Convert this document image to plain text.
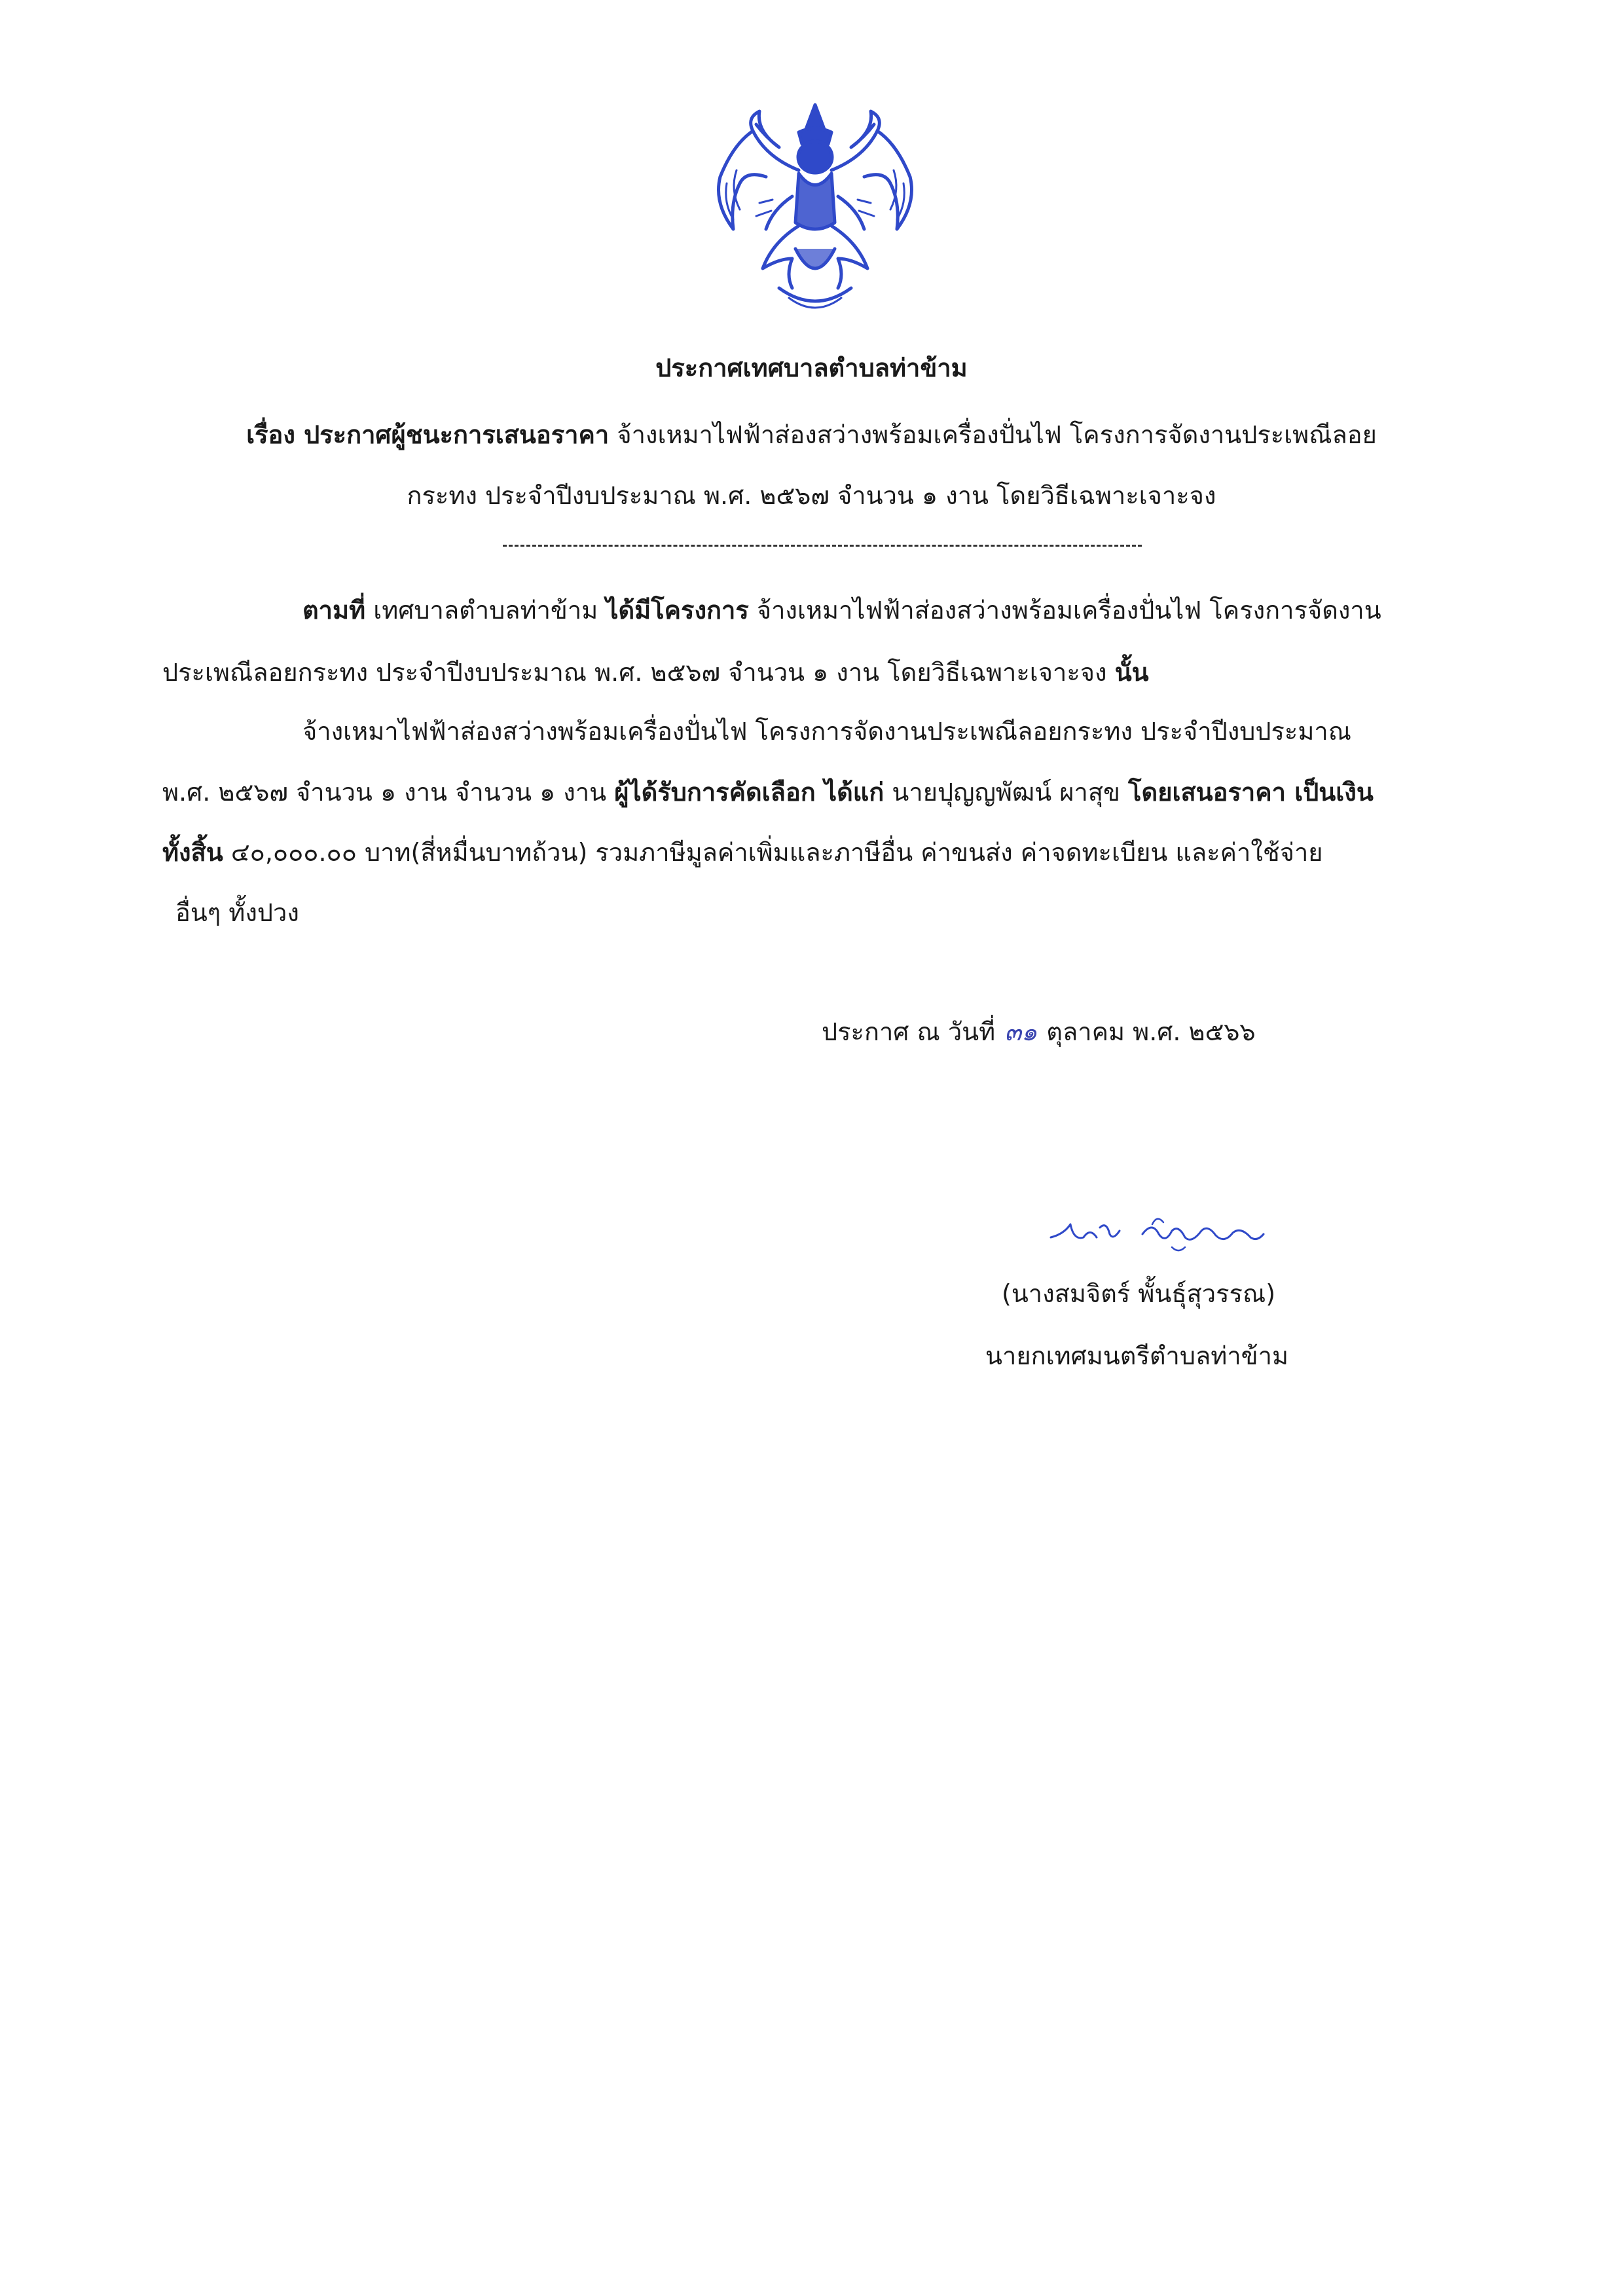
ประกาศเทศบาลตำบลท่าข้าม
เรื่อง ประกาศผู้ชนะการเสนอราคา จ้างเหมาไฟฟ้าส่องสว่างพร้อมเครื่องปั่นไฟ โครงการจัดงานประเพณีลอย
กระทง ประจำปีงบประมาณ พ.ศ. ๒๕๖๗ จำนวน ๑ งาน โดยวิธีเฉพาะเจาะจง
ตามที่ เทศบาลตำบลท่าข้าม ได้มีโครงการ จ้างเหมาไฟฟ้าส่องสว่างพร้อมเครื่องปั่นไฟ โครงการจัดงาน
ประเพณีลอยกระทง ประจำปีงบประมาณ พ.ศ. ๒๕๖๗ จำนวน ๑ งาน โดยวิธีเฉพาะเจาะจง นั้น
จ้างเหมาไฟฟ้าส่องสว่างพร้อมเครื่องปั่นไฟ โครงการจัดงานประเพณีลอยกระทง ประจำปีงบประมาณ
พ.ศ. ๒๕๖๗ จำนวน ๑ งาน จำนวน ๑ งาน ผู้ได้รับการคัดเลือก ได้แก่ นายปุญญพัฒน์ ผาสุข โดยเสนอราคา เป็นเงิน
ทั้งสิ้น ๔๐,๐๐๐.๐๐ บาท(สี่หมื่นบาทถ้วน) รวมภาษีมูลค่าเพิ่มและภาษีอื่น ค่าขนส่ง ค่าจดทะเบียน และค่าใช้จ่าย
อื่นๆ ทั้งปวง
ประกาศ ณ วันที่ ๓๑ ตุลาคม พ.ศ. ๒๕๖๖
(นางสมจิตร์ พั้นธุ์สุวรรณ)
นายกเทศมนตรีตำบลท่าข้าม
